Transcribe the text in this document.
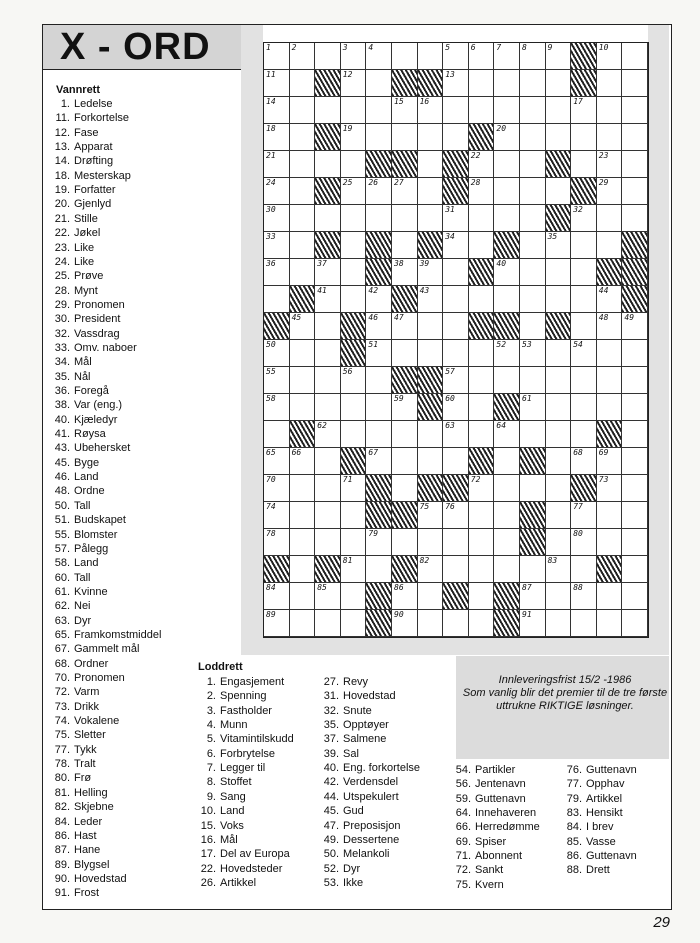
X - ORD	1	2	3	4	5	6	7	8	9	10
11	12	13
14	15 16	17
18	19	20
21	22	23
24	25 26 27	28	29
30	31	32
33	34	35
36	37	38 39	40
41	42	43	44
45	46 47	48 49
50	51	52 53	54
55	56	57
58	59	60	61
62	63	64
65 66	67	68 69
70	71	72	73
74	75 76	77
78	79	80
81	82	83
84	85	86	87	88
89	90	91
Vannrett
1. Ledelse
11. Forkortelse
12. Fase
13. Apparat
14. Drøfting
18. Mesterskap
19. Forfatter
20. Gjenlyd
21. Stille
22. Jøkel
23. Like
24. Like
25. Prøve
28. Mynt
29. Pronomen
30. President
32. Vassdrag
33. Omv. naboer
34. Mål
35. Nål
36. Foregå
38. Var (eng.)
40. Kjæledyr
41. Røysa
43. Ubehersket
45. Byge
46. Land
48. Ordne
50. Tall
51. Budskapet
55. Blomster
57. Pålegg
58. Land
60. Tall
61. Kvinne
62. Nei
63. Dyr
65. Framkomstmiddel
67. Gammelt mål
68. Ordner
70. Pronomen
72. Varm
73. Drikk
74. Vokalene
75. Sletter
77. Tykk
78. Tralt
80. Frø
81. Helling
82. Skjebne
84. Leder
86. Hast
87. Hane
89. Blygsel
90. Hovedstad
91. Frost
Loddrett
1. Engasjement
2. Spenning
3. Fastholder
4. Munn
5. Vitamintilskudd
6. Forbrytelse
7. Legger til
8. Stoffet
9. Sang
10. Land
15. Voks
16. Mål
17. Del av Europa
22. Hovedsteder
26. Artikkel
27. Revy
31. Hovedstad
32. Snute
35. Opptøyer
37. Salmene
39. Sal
40. Eng. forkortelse
42. Verdensdel
44. Utspekulert
45. Gud
47. Preposisjon
49. Dessertene
50. Melankoli
52. Dyr
53. Ikke
54. Partikler
56. Jentenavn
59. Guttenavn
64. Innehaveren
66. Herredømme
69. Spiser
71. Abonnent
72. Sankt
75. Kvern
76. Guttenavn
77. Opphav
79. Artikkel
83. Hensikt
84. I brev
85. Vasse
86. Guttenavn
88. Drett
Innleveringsfrist 15/2 -1986
Som vanlig blir det premier til de tre første uttrukne RIKTIGE løsninger.
29
